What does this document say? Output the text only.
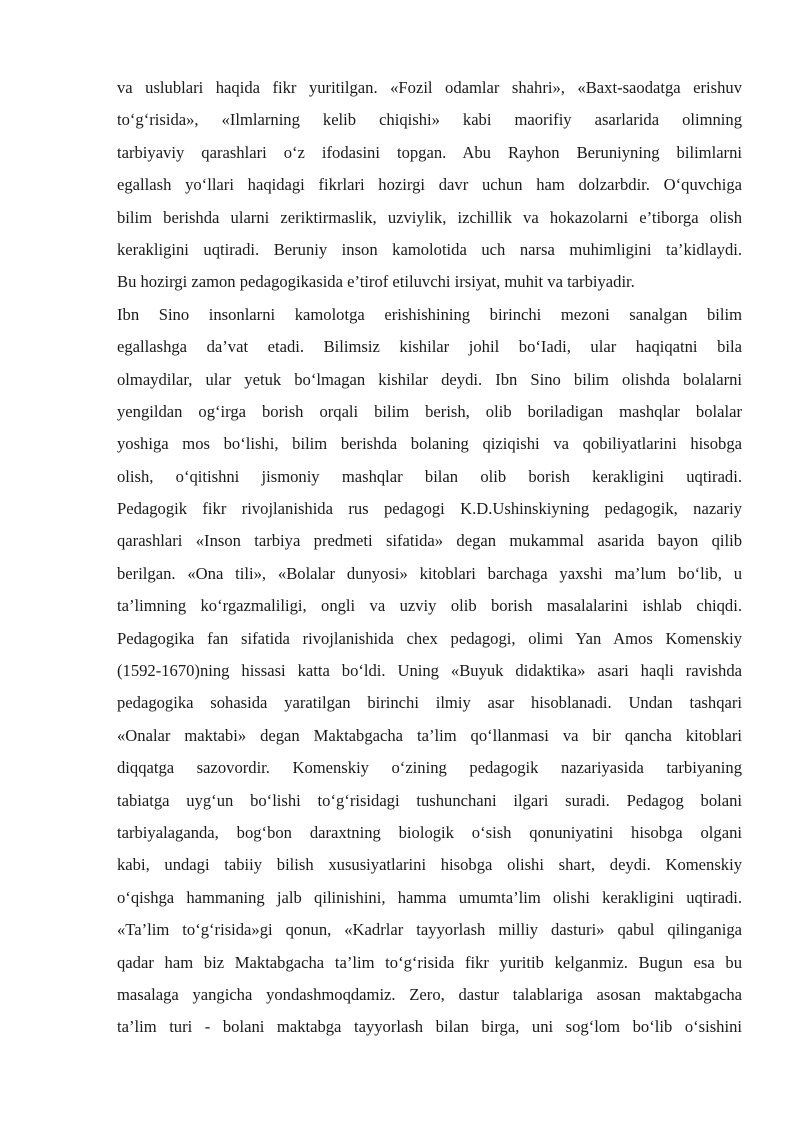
va uslublari haqida fikr yuritilgan. «Fozil odamlar shahri», «Baxt-saodatga erishuv
to‘g‘risida», «Ilmlarning kelib chiqishi» kabi maorifiy asarlarida olimning
tarbiyaviy qarashlari o‘z ifodasini topgan. Abu Rayhon Beruniyning bilimlarni
egallash yo‘llari haqidagi fikrlari hozirgi davr uchun ham dolzarbdir. O‘quvchiga
bilim berishda ularni zeriktirmaslik, uzviylik, izchillik va hokazolarni e’tiborga olish
kerakligini uqtiradi. Beruniy inson kamolotida uch narsa muhimligini ta’kidlaydi.
Bu hozirgi zamon pedagogikasida e’tirof etiluvchi irsiyat, muhit va tarbiyadir.
Ibn Sino insonlarni kamolotga erishishining birinchi mezoni sanalgan bilim
egallashga da’vat etadi. Bilimsiz kishilar johil bo‘Iadi, ular haqiqatni bila
olmaydilar, ular yetuk bo‘lmagan kishilar deydi. Ibn Sino bilim olishda bolalarni
yengildan og‘irga borish orqali bilim berish, olib boriladigan mashqlar bolalar
yoshiga mos bo‘lishi, bilim berishda bolaning qiziqishi va qobiliyatlarini hisobga
olish, o‘qitishni jismoniy mashqlar bilan olib borish kerakligini uqtiradi.
Pedagogik fikr rivojlanishida rus pedagogi K.D.Ushinskiyning pedagogik, nazariy
qarashlari «Inson tarbiya predmeti sifatida» degan mukammal asarida bayon qilib
berilgan. «Ona tili», «Bolalar dunyosi» kitoblari barchaga yaxshi ma’lum bo‘lib, u
ta’limning ko‘rgazmaliligi, ongli va uzviy olib borish masalalarini ishlab chiqdi.
Pedagogika fan sifatida rivojlanishida chex pedagogi, olimi Yan Amos Komenskiy
(1592-1670)ning hissasi katta bo‘ldi. Uning «Buyuk didaktika» asari haqli ravishda
pedagogika sohasida yaratilgan birinchi ilmiy asar hisoblanadi. Undan tashqari
«Onalar maktabi» degan Maktabgacha ta’lim qo‘llanmasi va bir qancha kitoblari
diqqatga sazovordir. Komenskiy o‘zining pedagogik nazariyasida tarbiyaning
tabiatga uyg‘un bo‘lishi to‘g‘risidagi tushunchani ilgari suradi. Pedagog bolani
tarbiyalaganda, bog‘bon daraxtning biologik o‘sish qonuniyatini hisobga olgani
kabi, undagi tabiiy bilish xususiyatlarini hisobga olishi shart, deydi. Komenskiy
o‘qishga hammaning jalb qilinishini, hamma umumta’lim olishi kerakligini uqtiradi.
«Ta’lim to‘g‘risida»gi qonun, «Kadrlar tayyorlash milliy dasturi» qabul qilinganiga
qadar ham biz Maktabgacha ta’lim to‘g‘risida fikr yuritib kelganmiz. Bugun esa bu
masalaga yangicha yondashmoqdamiz. Zero, dastur talablariga asosan maktabgacha
ta’lim turi - bolani maktabga tayyorlash bilan birga, uni sog‘lom bo‘lib o‘sishini
